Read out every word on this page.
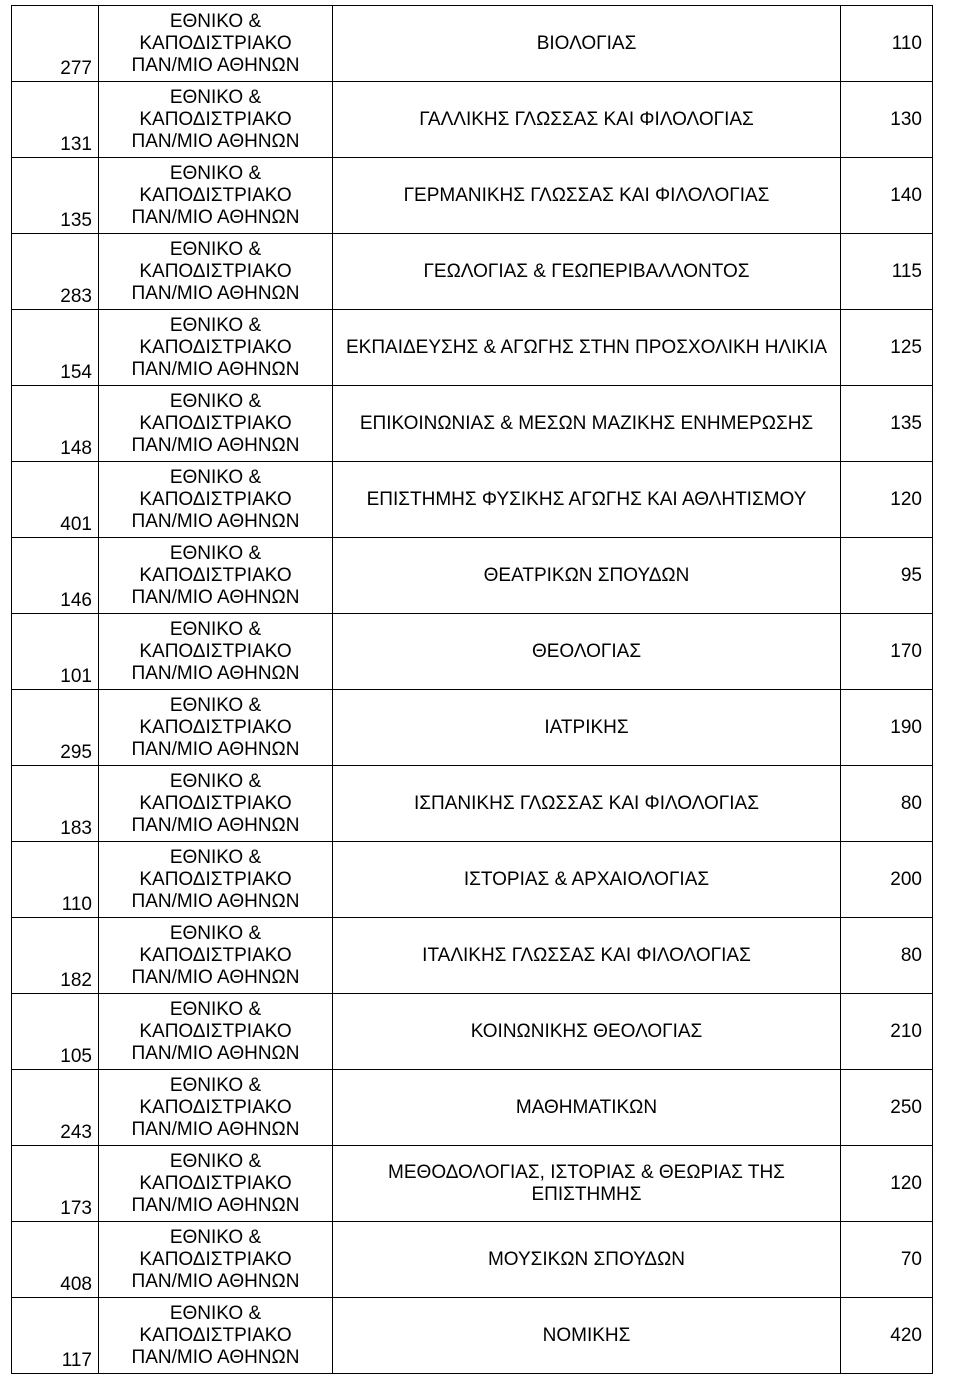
277	ΕΘΝΙΚΟ &
ΚΑΠΟΔΙΣΤΡΙΑΚΟ
ΠΑΝ/ΜΙΟ ΑΘΗΝΩΝ	ΒΙΟΛΟΓΙΑΣ	110
131	ΕΘΝΙΚΟ &
ΚΑΠΟΔΙΣΤΡΙΑΚΟ
ΠΑΝ/ΜΙΟ ΑΘΗΝΩΝ	ΓΑΛΛΙΚΗΣ ΓΛΩΣΣΑΣ ΚΑΙ ΦΙΛΟΛΟΓΙΑΣ	130
135	ΕΘΝΙΚΟ &
ΚΑΠΟΔΙΣΤΡΙΑΚΟ
ΠΑΝ/ΜΙΟ ΑΘΗΝΩΝ	ΓΕΡΜΑΝΙΚΗΣ ΓΛΩΣΣΑΣ ΚΑΙ ΦΙΛΟΛΟΓΙΑΣ	140
283	ΕΘΝΙΚΟ &
ΚΑΠΟΔΙΣΤΡΙΑΚΟ
ΠΑΝ/ΜΙΟ ΑΘΗΝΩΝ	ΓΕΩΛΟΓΙΑΣ & ΓΕΩΠΕΡΙΒΑΛΛΟΝΤΟΣ	115
154	ΕΘΝΙΚΟ &
ΚΑΠΟΔΙΣΤΡΙΑΚΟ
ΠΑΝ/ΜΙΟ ΑΘΗΝΩΝ	ΕΚΠΑΙΔΕΥΣΗΣ & ΑΓΩΓΗΣ ΣΤΗΝ ΠΡΟΣΧΟΛΙΚΗ ΗΛΙΚΙΑ	125
148	ΕΘΝΙΚΟ &
ΚΑΠΟΔΙΣΤΡΙΑΚΟ
ΠΑΝ/ΜΙΟ ΑΘΗΝΩΝ	ΕΠΙΚΟΙΝΩΝΙΑΣ & ΜΕΣΩΝ ΜΑΖΙΚΗΣ ΕΝΗΜΕΡΩΣΗΣ	135
401	ΕΘΝΙΚΟ &
ΚΑΠΟΔΙΣΤΡΙΑΚΟ
ΠΑΝ/ΜΙΟ ΑΘΗΝΩΝ	ΕΠΙΣΤΗΜΗΣ ΦΥΣΙΚΗΣ ΑΓΩΓΗΣ ΚΑΙ ΑΘΛΗΤΙΣΜΟΥ	120
146	ΕΘΝΙΚΟ &
ΚΑΠΟΔΙΣΤΡΙΑΚΟ
ΠΑΝ/ΜΙΟ ΑΘΗΝΩΝ	ΘΕΑΤΡΙΚΩΝ ΣΠΟΥΔΩΝ	95
101	ΕΘΝΙΚΟ &
ΚΑΠΟΔΙΣΤΡΙΑΚΟ
ΠΑΝ/ΜΙΟ ΑΘΗΝΩΝ	ΘΕΟΛΟΓΙΑΣ	170
295	ΕΘΝΙΚΟ &
ΚΑΠΟΔΙΣΤΡΙΑΚΟ
ΠΑΝ/ΜΙΟ ΑΘΗΝΩΝ	ΙΑΤΡΙΚΗΣ	190
183	ΕΘΝΙΚΟ &
ΚΑΠΟΔΙΣΤΡΙΑΚΟ
ΠΑΝ/ΜΙΟ ΑΘΗΝΩΝ	ΙΣΠΑΝΙΚΗΣ ΓΛΩΣΣΑΣ ΚΑΙ ΦΙΛΟΛΟΓΙΑΣ	80
110	ΕΘΝΙΚΟ &
ΚΑΠΟΔΙΣΤΡΙΑΚΟ
ΠΑΝ/ΜΙΟ ΑΘΗΝΩΝ	ΙΣΤΟΡΙΑΣ & ΑΡΧΑΙΟΛΟΓΙΑΣ	200
182	ΕΘΝΙΚΟ &
ΚΑΠΟΔΙΣΤΡΙΑΚΟ
ΠΑΝ/ΜΙΟ ΑΘΗΝΩΝ	ΙΤΑΛΙΚΗΣ ΓΛΩΣΣΑΣ ΚΑΙ ΦΙΛΟΛΟΓΙΑΣ	80
105	ΕΘΝΙΚΟ &
ΚΑΠΟΔΙΣΤΡΙΑΚΟ
ΠΑΝ/ΜΙΟ ΑΘΗΝΩΝ	ΚΟΙΝΩΝΙΚΗΣ ΘΕΟΛΟΓΙΑΣ	210
243	ΕΘΝΙΚΟ &
ΚΑΠΟΔΙΣΤΡΙΑΚΟ
ΠΑΝ/ΜΙΟ ΑΘΗΝΩΝ	ΜΑΘΗΜΑΤΙΚΩΝ	250
173	ΕΘΝΙΚΟ &
ΚΑΠΟΔΙΣΤΡΙΑΚΟ
ΠΑΝ/ΜΙΟ ΑΘΗΝΩΝ	ΜΕΘΟΔΟΛΟΓΙΑΣ, ΙΣΤΟΡΙΑΣ & ΘΕΩΡΙΑΣ ΤΗΣ ΕΠΙΣΤΗΜΗΣ	120
408	ΕΘΝΙΚΟ &
ΚΑΠΟΔΙΣΤΡΙΑΚΟ
ΠΑΝ/ΜΙΟ ΑΘΗΝΩΝ	ΜΟΥΣΙΚΩΝ ΣΠΟΥΔΩΝ	70
117	ΕΘΝΙΚΟ &
ΚΑΠΟΔΙΣΤΡΙΑΚΟ
ΠΑΝ/ΜΙΟ ΑΘΗΝΩΝ	ΝΟΜΙΚΗΣ	420
